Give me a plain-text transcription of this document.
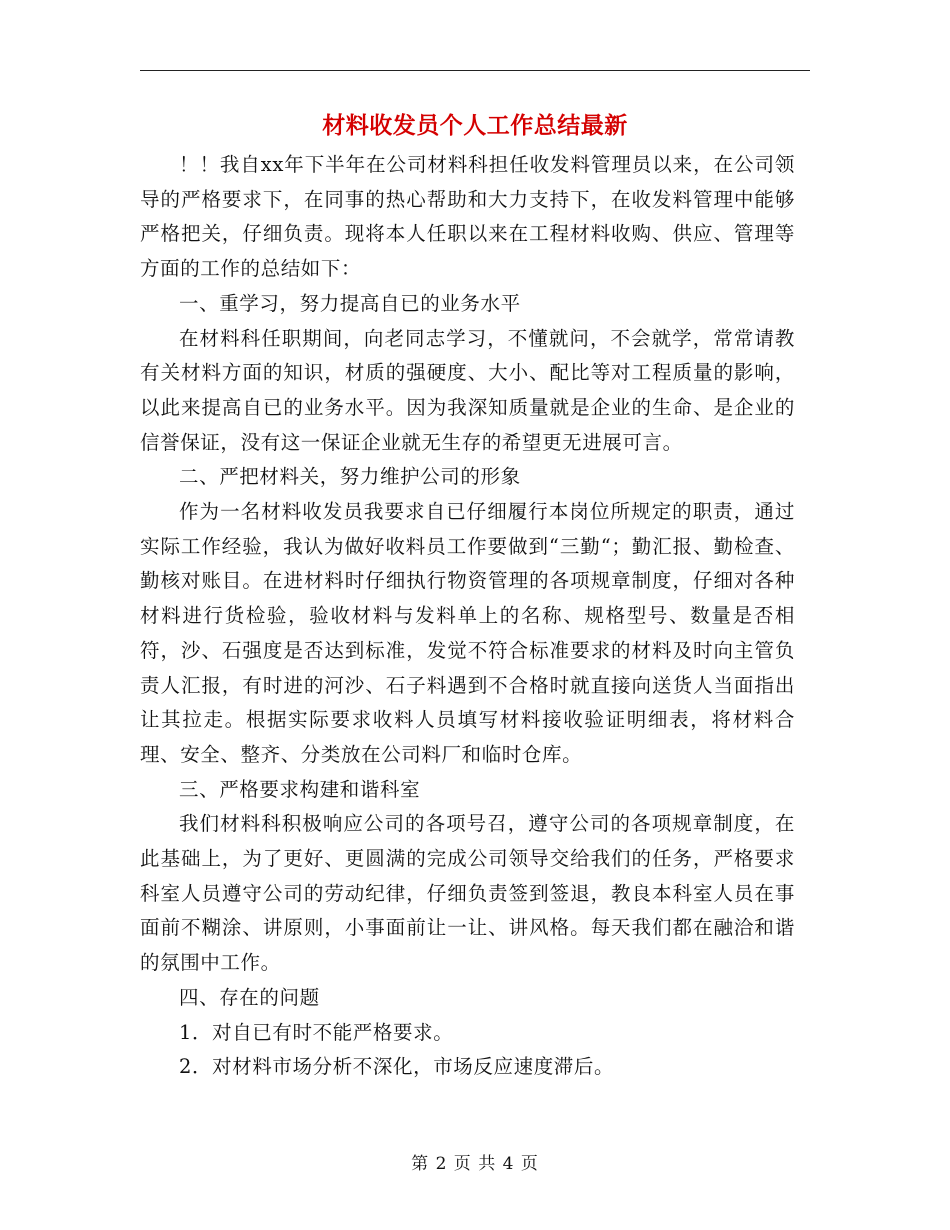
材料收发员个人工作总结最新

！！我自xx年下半年在公司材料科担任收发料管理员以来，在公司领导的严格要求下，在同事的热心帮助和大力支持下，在收发料管理中能够严格把关，仔细负责。现将本人任职以来在工程材料收购、供应、管理等方面的工作的总结如下：

一、重学习，努力提高自已的业务水平

在材料科任职期间，向老同志学习，不懂就问，不会就学，常常请教有关材料方面的知识，材质的强硬度、大小、配比等对工程质量的影响，以此来提高自已的业务水平。因为我深知质量就是企业的生命、是企业的信誉保证，没有这一保证企业就无生存的希望更无进展可言。

二、严把材料关，努力维护公司的形象

作为一名材料收发员我要求自已仔细履行本岗位所规定的职责，通过实际工作经验，我认为做好收料员工作要做到“三勤“；勤汇报、勤检查、勤核对账目。在进材料时仔细执行物资管理的各项规章制度，仔细对各种材料进行货检验，验收材料与发料单上的名称、规格型号、数量是否相符，沙、石强度是否达到标准，发觉不符合标准要求的材料及时向主管负责人汇报，有时进的河沙、石子料遇到不合格时就直接向送货人当面指出让其拉走。根据实际要求收料人员填写材料接收验证明细表，将材料合理、安全、整齐、分类放在公司料厂和临时仓库。

三、严格要求构建和谐科室

我们材料科积极响应公司的各项号召，遵守公司的各项规章制度，在此基础上，为了更好、更圆满的完成公司领导交给我们的任务，严格要求科室人员遵守公司的劳动纪律，仔细负责签到签退，教良本科室人员在事面前不糊涂、讲原则，小事面前让一让、讲风格。每天我们都在融洽和谐的氛围中工作。

四、存在的问题

1．对自已有时不能严格要求。

2．对材料市场分析不深化，市场反应速度滞后。

第 2 页 共 4 页
